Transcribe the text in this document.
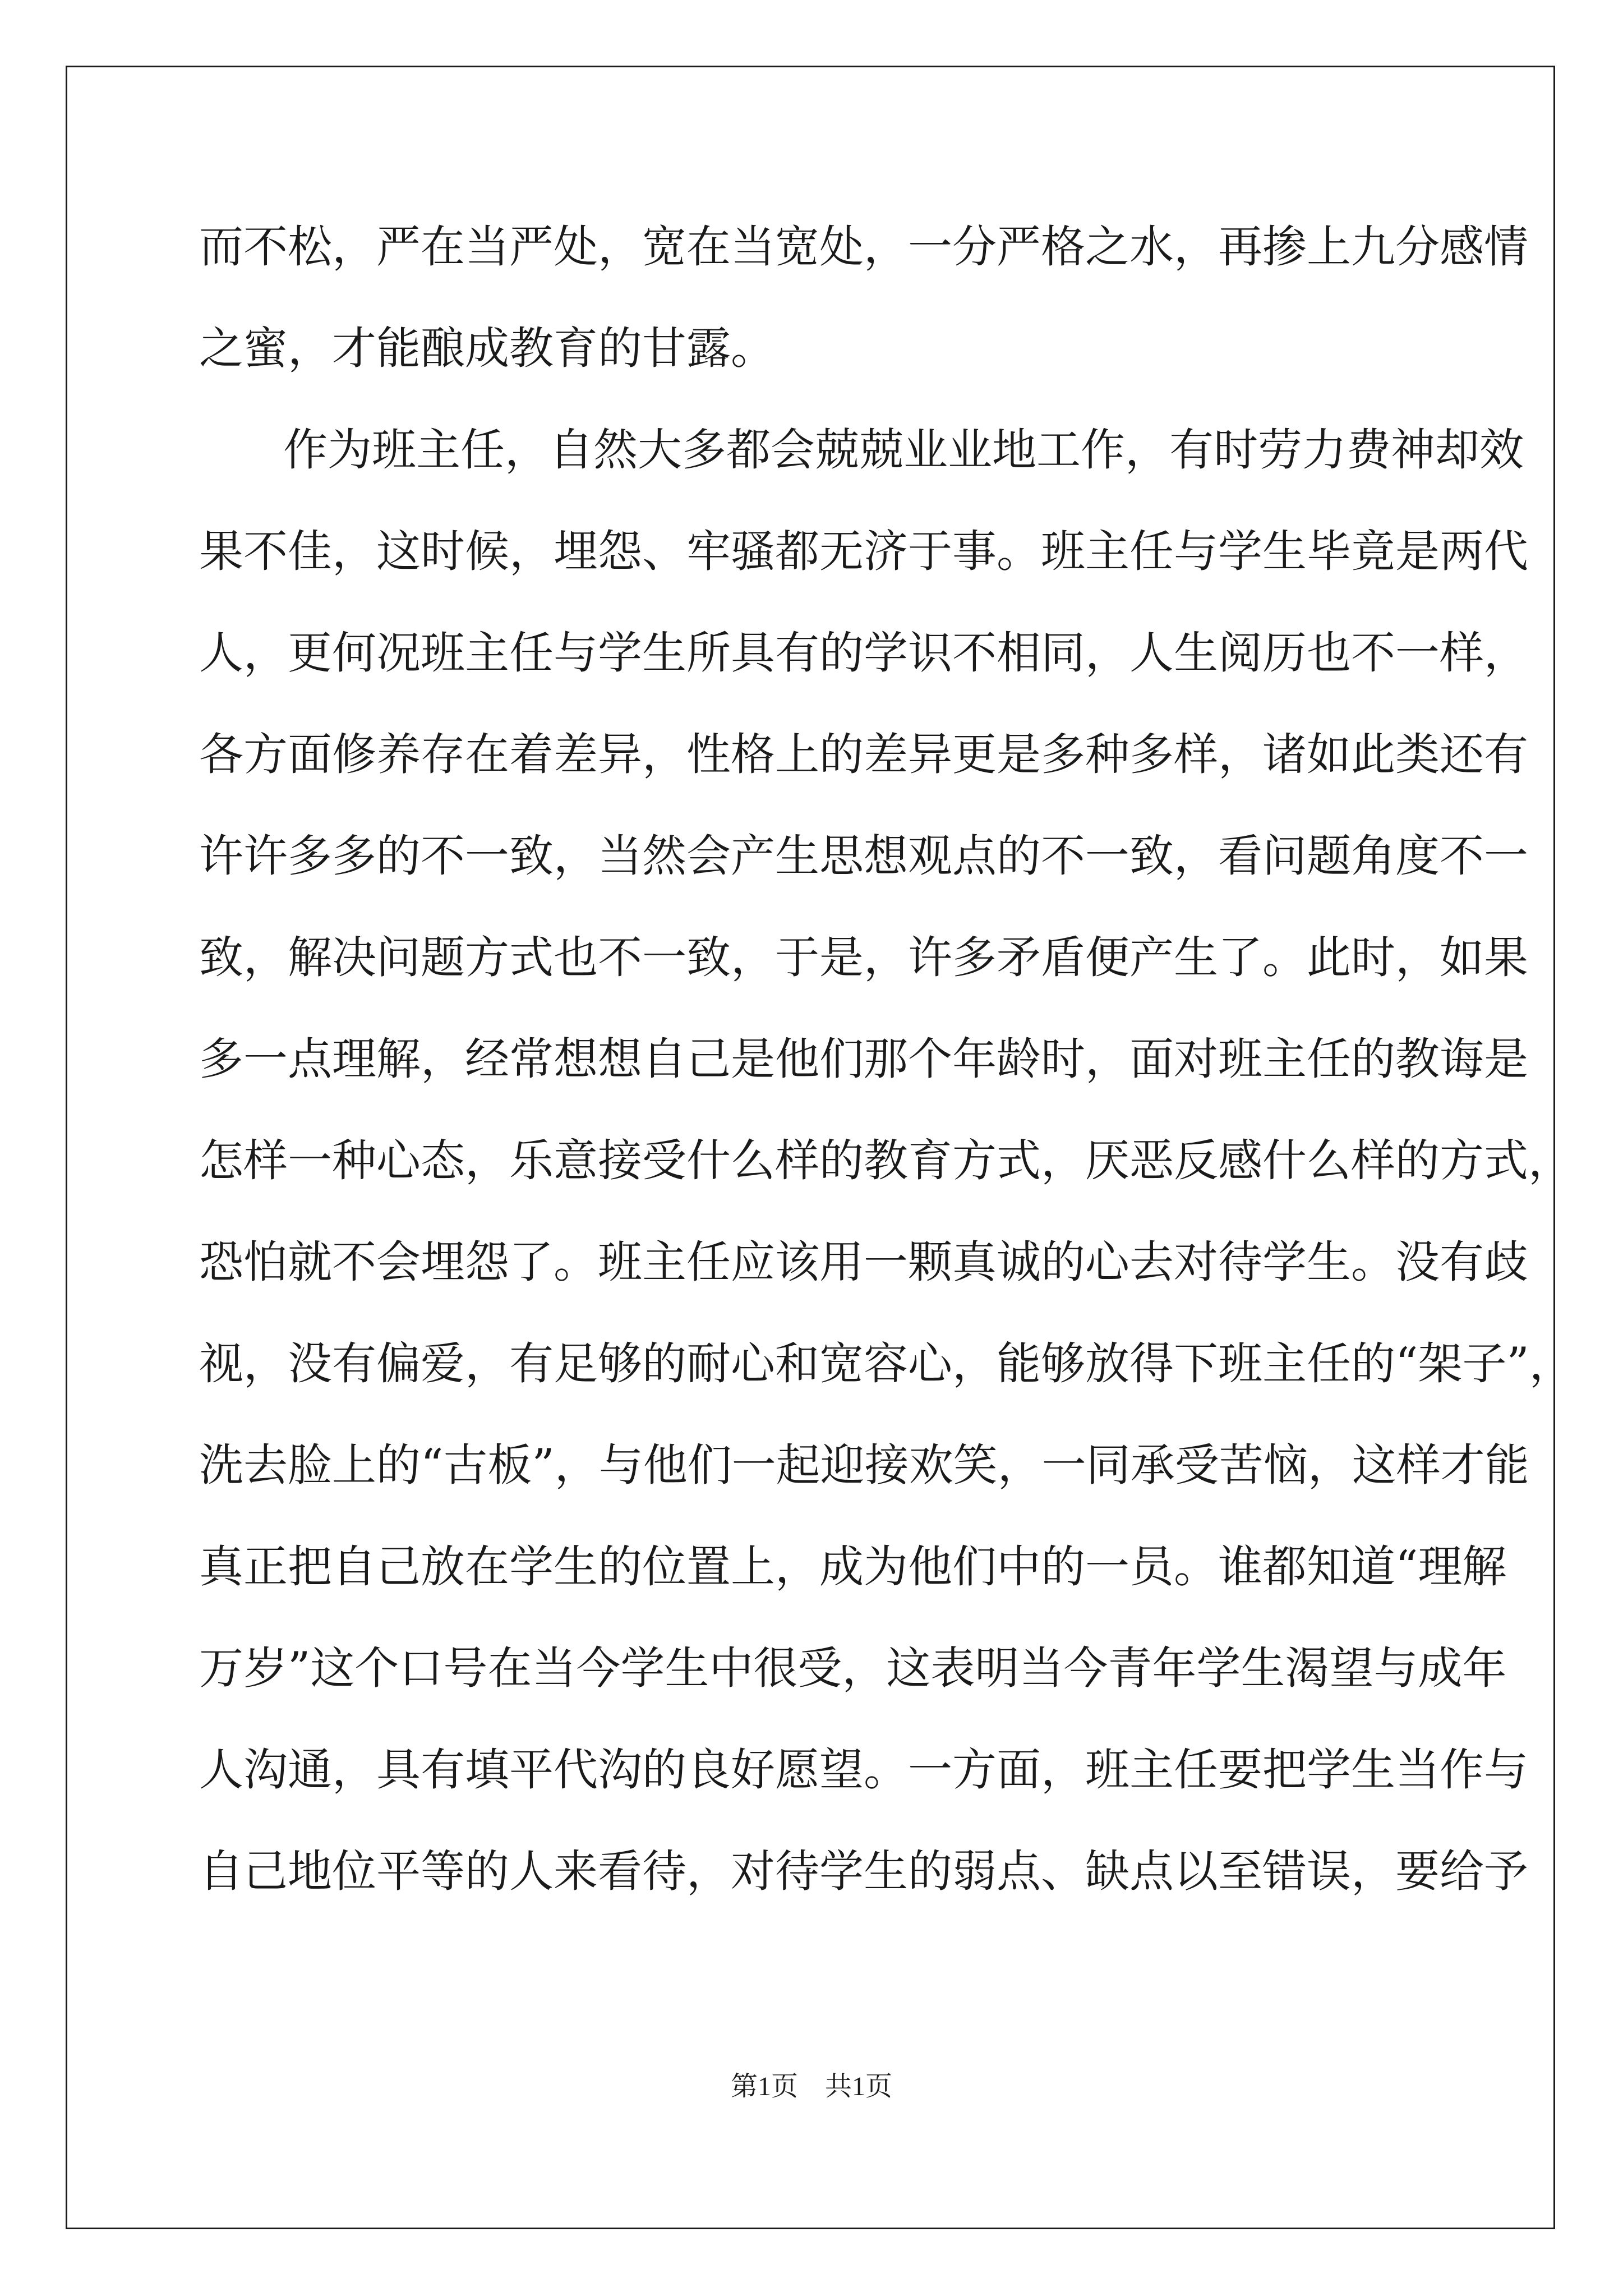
而不松，严在当严处，宽在当宽处，一分严格之水，再掺上九分感情
之蜜，才能酿成教育的甘露。
作为班主任，自然大多都会兢兢业业地工作，有时劳力费神却效
果不佳，这时候，埋怨、牢骚都无济于事。班主任与学生毕竟是两代
人，更何况班主任与学生所具有的学识不相同，人生阅历也不一样，
各方面修养存在着差异，性格上的差异更是多种多样，诸如此类还有
许许多多的不一致，当然会产生思想观点的不一致，看问题角度不一
致，解决问题方式也不一致，于是，许多矛盾便产生了。此时，如果
多一点理解，经常想想自己是他们那个年龄时，面对班主任的教诲是
怎样一种心态，乐意接受什么样的教育方式，厌恶反感什么样的方式，
恐怕就不会埋怨了。班主任应该用一颗真诚的心去对待学生。没有歧
视，没有偏爱，有足够的耐心和宽容心，能够放得下班主任的“架子”，
洗去脸上的“古板”，与他们一起迎接欢笑，一同承受苦恼，这样才能
真正把自己放在学生的位置上，成为他们中的一员。谁都知道“理解
万岁”这个口号在当今学生中很受，这表明当今青年学生渴望与成年
人沟通，具有填平代沟的良好愿望。一方面，班主任要把学生当作与
自己地位平等的人来看待，对待学生的弱点、缺点以至错误，要给予
第1页　共1页
